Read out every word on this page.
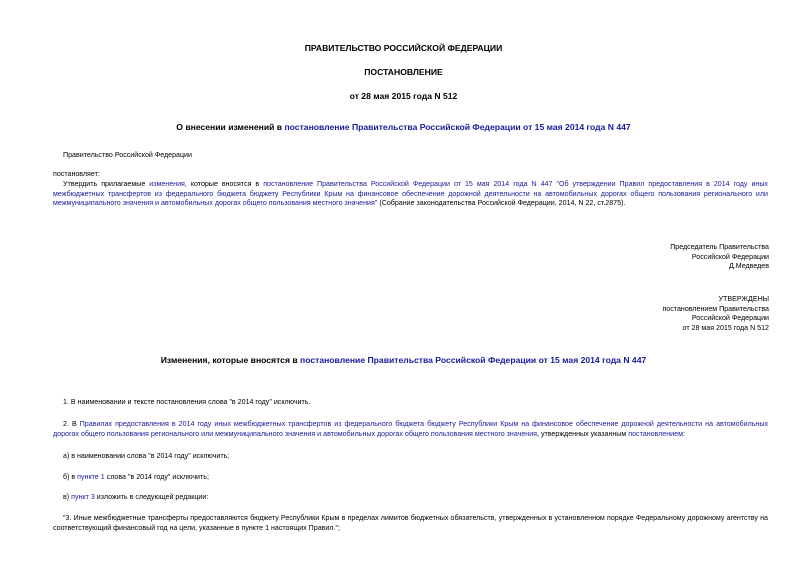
ПРАВИТЕЛЬСТВО РОССИЙСКОЙ ФЕДЕРАЦИИ
ПОСТАНОВЛЕНИЕ
от 28 мая 2015 года N 512
О внесении изменений в постановление Правительства Российской Федерации от 15 мая 2014 года N 447
Правительство Российской Федерации
постановляет:
Утвердить прилагаемые изменения, которые вносятся в постановление Правительства Российской Федерации от 15 мая 2014 года N 447 "Об утверждении Правил предоставления в 2014 году иных межбюджетных трансфертов из федерального бюджета бюджету Республики Крым на финансовое обеспечение дорожной деятельности на автомобильных дорогах общего пользования регионального или межмуниципального значения и автомобильных дорогах общего пользования местного значения" (Собрание законодательства Российской Федерации, 2014, N 22, ст.2875).
Председатель Правительства
Российской Федерации
Д.Медведев
УТВЕРЖДЕНЫ
постановлением Правительства
Российской Федерации
от 28 мая 2015 года N 512
Изменения, которые вносятся в постановление Правительства Российской Федерации от 15 мая 2014 года N 447
1. В наименовании и тексте постановления слова "в 2014 году" исключить.
2. В Правилах предоставления в 2014 году иных межбюджетных трансфертов из федерального бюджета бюджету Республики Крым на финансовое обеспечение дорожной деятельности на автомобильных дорогах общего пользования регионального или межмуниципального значения и автомобильных дорогах общего пользования местного значения, утвержденных указанным постановлением:
а) в наименовании слова "в 2014 году" исключить;
б) в пункте 1 слова "в 2014 году" исключить;
в) пункт 3 изложить в следующей редакции:
"3. Иные межбюджетные трансферты предоставляются бюджету Республики Крым в пределах лимитов бюджетных обязательств, утвержденных в установленном порядке Федеральному дорожному агентству на соответствующий финансовый год на цели, указанные в пункте 1 настоящих Правил.";
